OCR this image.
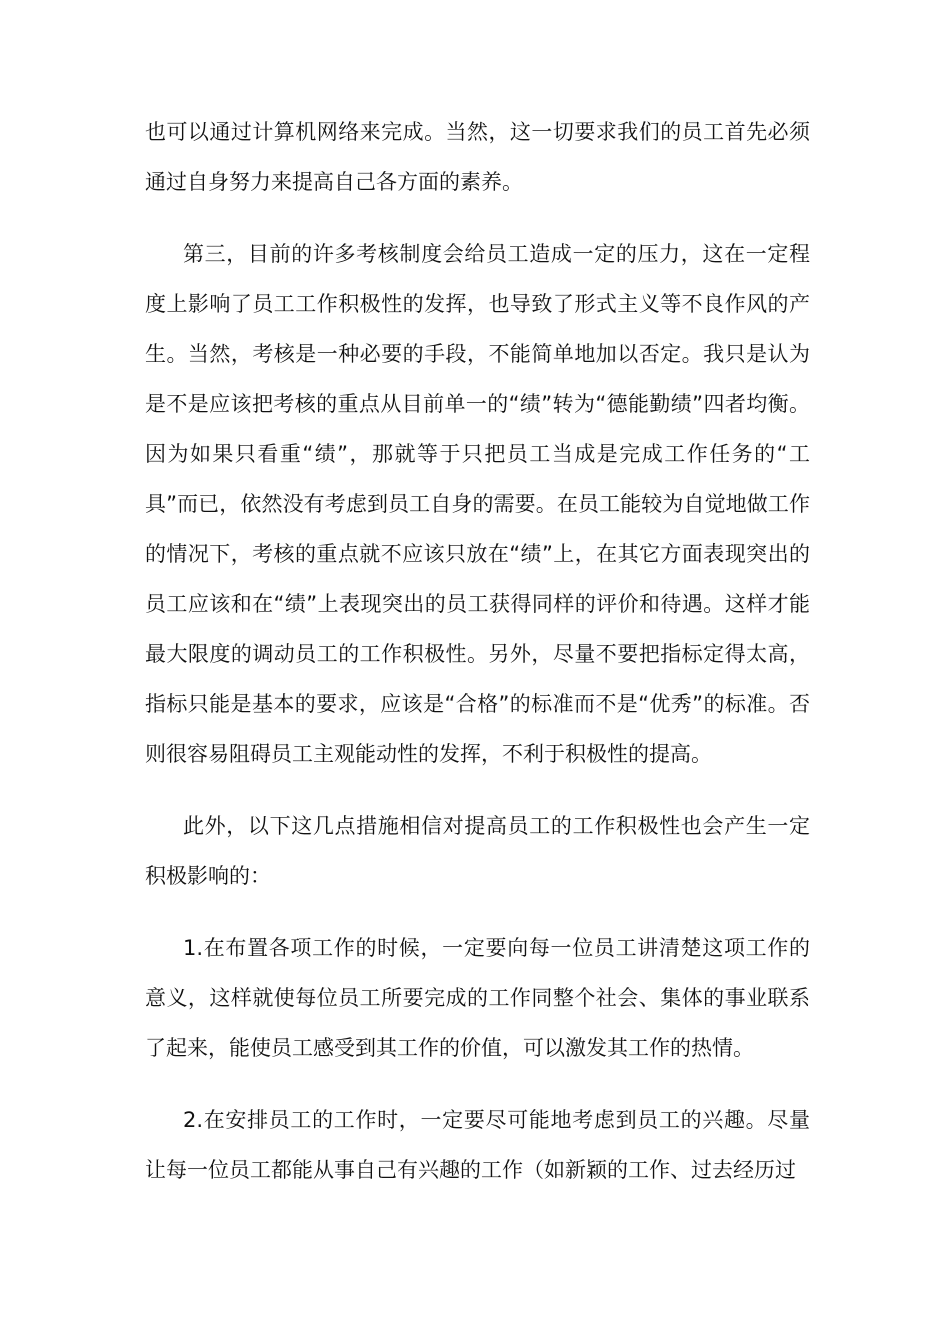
也可以通过计算机网络来完成。当然，这一切要求我们的员工首先必须通过自身努力来提高自己各方面的素养。

第三，目前的许多考核制度会给员工造成一定的压力，这在一定程度上影响了员工工作积极性的发挥，也导致了形式主义等不良作风的产生。当然，考核是一种必要的手段，不能简单地加以否定。我只是认为是不是应该把考核的重点从目前单一的“绩”转为“德能勤绩”四者均衡。因为如果只看重“绩”，那就等于只把员工当成是完成工作任务的“工具”而已，依然没有考虑到员工自身的需要。在员工能较为自觉地做工作的情况下，考核的重点就不应该只放在“绩”上，在其它方面表现突出的员工应该和在“绩”上表现突出的员工获得同样的评价和待遇。这样才能最大限度的调动员工的工作积极性。另外，尽量不要把指标定得太高，指标只能是基本的要求，应该是“合格”的标准而不是“优秀”的标准。否则很容易阻碍员工主观能动性的发挥，不利于积极性的提高。

此外，以下这几点措施相信对提高员工的工作积极性也会产生一定积极影响的：

1.在布置各项工作的时候，一定要向每一位员工讲清楚这项工作的意义，这样就使每位员工所要完成的工作同整个社会、集体的事业联系了起来，能使员工感受到其工作的价值，可以激发其工作的热情。

2.在安排员工的工作时，一定要尽可能地考虑到员工的兴趣。尽量让每一位员工都能从事自己有兴趣的工作（如新颖的工作、过去经历过
